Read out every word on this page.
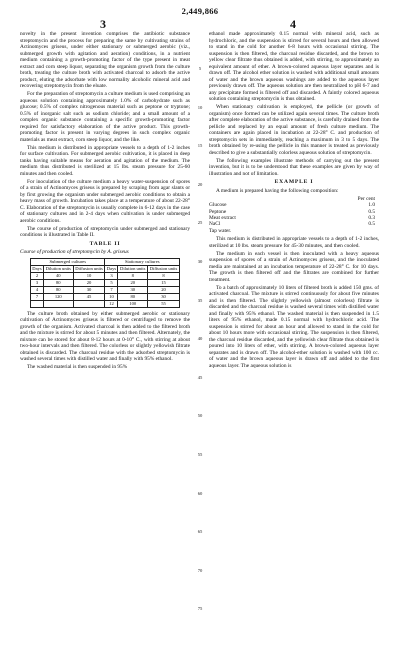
2,449,866
3	4

novelty in the present invention comprises the antibiotic substance streptomycin and the process for preparing the same by cultivating strains of Actinomyces griseus, under either stationary or submerged aerobic (viz., submerged growth with agitation and aeration) conditions, in a nutrient medium containing a growth-promoting factor of the type present in meat extract and corn steep liquor, separating the organism growth from the culture broth, treating the culture broth with activated charcoal to adsorb the active product, eluting the adsorbate with low normality alcoholic mineral acid and recovering streptomycin from the eluate.

For the preparation of streptomycin a culture medium is used comprising an aqueous solution containing approximately 1.0% of carbohydrate such as glucose; 0.5% of complex nitrogenous material such as peptone or tryptone; 0.5% of inorganic salt such as sodium chloride; and a small amount of a complex organic substance containing a specific growth-promoting factor required for satisfactory elaboration of the active product. This growth-promoting factor is present in varying degrees in such complex organic materials as meat extract, corn steep liquor, and the like.

This medium is distributed in appropriate vessels to a depth of 1-2 inches for surface cultivation. For submerged aerobic cultivation, it is placed in deep tanks having suitable means for aeration and agitation of the medium. The medium thus distributed is sterilized at 15 lbs. steam pressure for 25-60 minutes and then cooled.

For inoculation of the culture medium a heavy water-suspension of spores of a strain of Actinomyces griseus is prepared by scraping from agar slants or by first growing the organism under submerged aerobic conditions to obtain a heavy mass of growth. Incubation takes place at a temperature of about 22-28° C. Elaboration of the streptomycin is usually complete in 6-12 days in the case of stationary cultures and in 2-4 days when cultivation is under submerged aerobic conditions.

The course of production of streptomycin under submerged and stationary conditions is illustrated in Table II.

TABLE II
Course of production of streptomycin by A. griseus
Submerged cultures			Stationary cultures		
Days	Dilution units	Diffusion units	Days	Dilution units	Diffusion units
2	40	10	3	8	8
3	80	20	5	20	15
4	80	30	7	30	20
7	120	45	10	80	30
			12	100	55

The culture broth obtained by either submerged aerobic or stationary cultivation of Actinomyces griseus is filtered or centrifuged to remove the growth of the organism. Activated charcoal is then added to the filtered broth and the mixture is stirred for about 5 minutes and then filtered. Alternately, the mixture can be stored for about 8-12 hours at 0-10° C., with stirring at about two-hour intervals and then filtered. The colorless or slightly yellowish filtrate obtained is discarded. The charcoal residue with the adsorbed streptomycin is washed several times with distilled water and finally with 95% ethanol.

The washed material is then suspended in 95%

ethanol made approximately 0.15 normal with mineral acid, such as hydrochloric, and the suspension is stirred for several hours and then allowed to stand in the cold for another 6-8 hours with occasional stirring. The suspension is then filtered, the charcoal residue discarded, and the brown to yellow clear filtrate thus obtained is added, with stirring, to approximately an equivalent amount of ether. A brown-colored aqueous layer separates and is drawn off. The alcohol ether solution is washed with additional small amounts of water and the brown aqueous washings are added to the aqueous layer previously drawn off. The aqueous solution are then neutralized to pH 6-7 and any precipitate formed is filtered off and discarded. A faintly colored aqueous solution containing streptomycin is thus obtained.

When stationary cultivation is employed, the pellicle (or growth of organism) once formed can be utilized again several times. The culture broth after complete elaboration of the active substance, is carefully drained from the pellicle and replaced by an equal amount of fresh culture medium. The containers are again placed in incubation at 22-28° C. and production of streptomycin sets in immediately, reaching a maximum in 3 to 5 days. The broth obtained by re-using the pellicle in this manner is treated as previously described to give a substantially colorless aqueous solution of streptomycin.

The following examples illustrate methods of carrying out the present invention, but it is to be understood that these examples are given by way of illustration and not of limitation.

EXAMPLE I

A medium is prepared having the following composition:

	Per cent
Glucose	1.0
Peptone	0.5
Meat extract	0.3
NaCl	0.5
Tap water.	

This medium is distributed in appropriate vessels to a depth of 1-2 inches, sterilized at 10 lbs. steam pressure for 45-30 minutes, and then cooled.

The medium in each vessel is then inoculated with a heavy aqueous suspension of spores of a strain of Actinomyces griseus, and the inoculated media are maintained at an incubation temperature of 22-28° C. for 10 days. The growth is then filtered off and the filtrates are combined for further treatment.

To a batch of approximately 10 liters of filtered broth is added 150 gms. of activated charcoal. The mixture is stirred continuously for about five minutes and is then filtered. The slightly yellowish (almost colorless) filtrate is discarded and the charcoal residue is washed several times with distilled water and finally with 95% ethanol. The washed material is then suspended in 1.5 liters of 95% ethanol, made 0.15 normal with hydrochloric acid. The suspension is stirred for about an hour and allowed to stand in the cold for about 10 hours more with occasional stirring. The suspension is then filtered, the charcoal residue discarded, and the yellowish clear filtrate thus obtained is poured into 10 liters of ether, with stirring. A brown-colored aqueous layer separates and is drawn off. The alcohol-ether solution is washed with 100 cc. of water and the brown aqueous layer is drawn off and added to the first aqueous layer. The aqueous solution is

5
10
15
20
25
30
35
40
45
50
55
60
65
70
75
